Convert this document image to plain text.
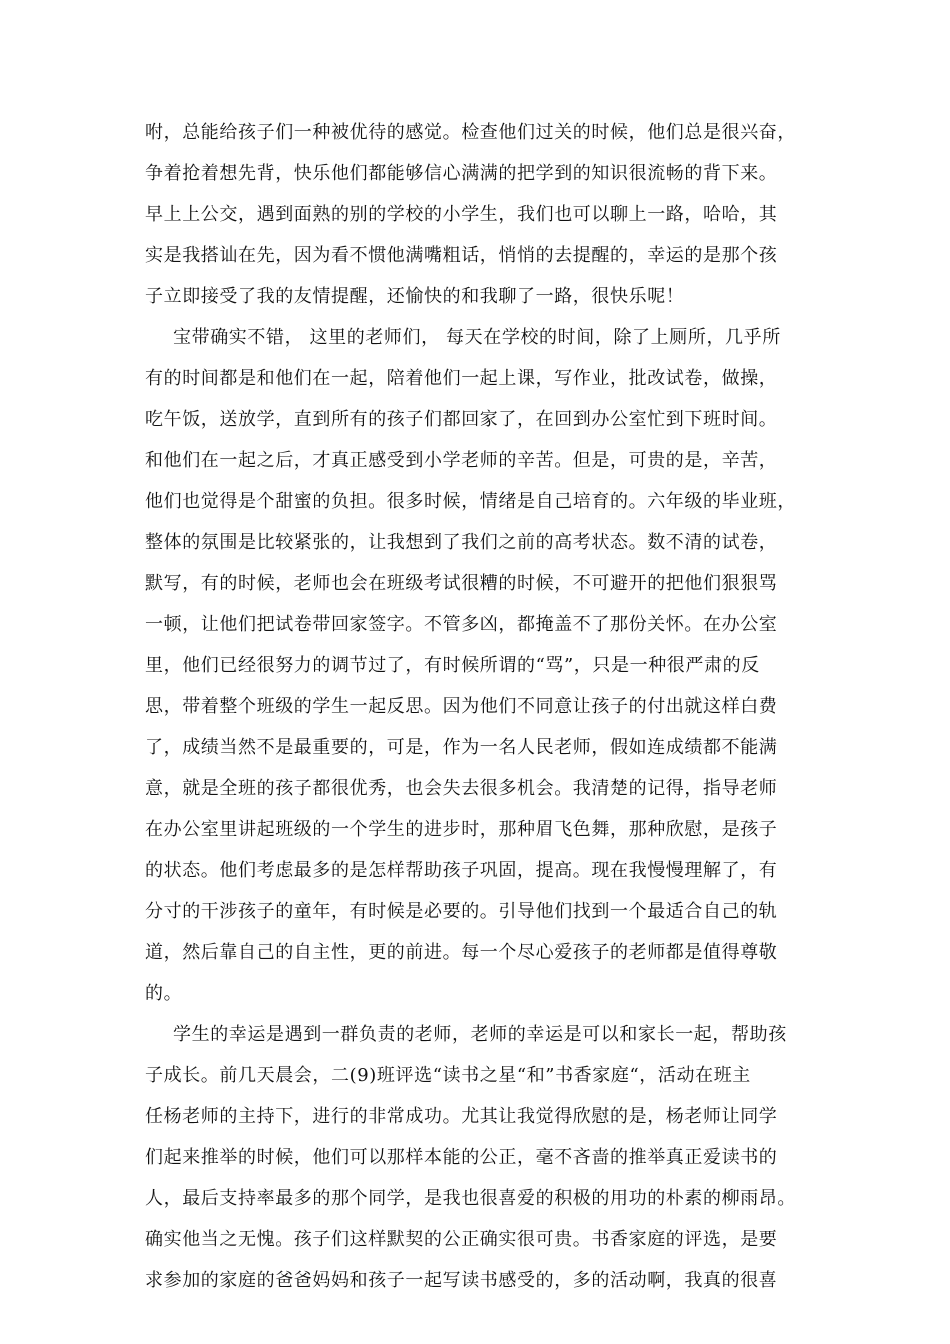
咐，总能给孩子们一种被优待的感觉。检查他们过关的时候，他们总是很兴奋，
争着抢着想先背，快乐他们都能够信心满满的把学到的知识很流畅的背下来。
早上上公交，遇到面熟的别的学校的小学生，我们也可以聊上一路，哈哈，其
实是我搭讪在先，因为看不惯他满嘴粗话，悄悄的去提醒的，幸运的是那个孩
子立即接受了我的友情提醒，还愉快的和我聊了一路，很快乐呢！
宝带确实不错， 这里的老师们， 每天在学校的时间，除了上厕所，几乎所
有的时间都是和他们在一起，陪着他们一起上课，写作业，批改试卷，做操，
吃午饭，送放学，直到所有的孩子们都回家了，在回到办公室忙到下班时间。
和他们在一起之后，才真正感受到小学老师的辛苦。但是，可贵的是，辛苦，
他们也觉得是个甜蜜的负担。很多时候，情绪是自己培育的。六年级的毕业班，
整体的氛围是比较紧张的，让我想到了我们之前的高考状态。数不清的试卷，
默写，有的时候，老师也会在班级考试很糟的时候，不可避开的把他们狠狠骂
一顿，让他们把试卷带回家签字。不管多凶，都掩盖不了那份关怀。在办公室
里，他们已经很努力的调节过了，有时候所谓的“骂”，只是一种很严肃的反
思，带着整个班级的学生一起反思。因为他们不同意让孩子的付出就这样白费
了，成绩当然不是最重要的，可是，作为一名人民老师，假如连成绩都不能满
意，就是全班的孩子都很优秀，也会失去很多机会。我清楚的记得，指导老师
在办公室里讲起班级的一个学生的进步时，那种眉飞色舞，那种欣慰，是孩子
的状态。他们考虑最多的是怎样帮助孩子巩固，提高。现在我慢慢理解了，有
分寸的干涉孩子的童年，有时候是必要的。引导他们找到一个最适合自己的轨
道，然后靠自己的自主性，更的前进。每一个尽心爱孩子的老师都是值得尊敬
的。
学生的幸运是遇到一群负责的老师，老师的幸运是可以和家长一起，帮助孩
子成长。前几天晨会，二(9)班评选“读书之星“和”书香家庭“，活动在班主
任杨老师的主持下，进行的非常成功。尤其让我觉得欣慰的是，杨老师让同学
们起来推举的时候，他们可以那样本能的公正，毫不吝啬的推举真正爱读书的
人，最后支持率最多的那个同学，是我也很喜爱的积极的用功的朴素的柳雨昂。
确实他当之无愧。孩子们这样默契的公正确实很可贵。书香家庭的评选，是要
求参加的家庭的爸爸妈妈和孩子一起写读书感受的，多的活动啊，我真的很喜
